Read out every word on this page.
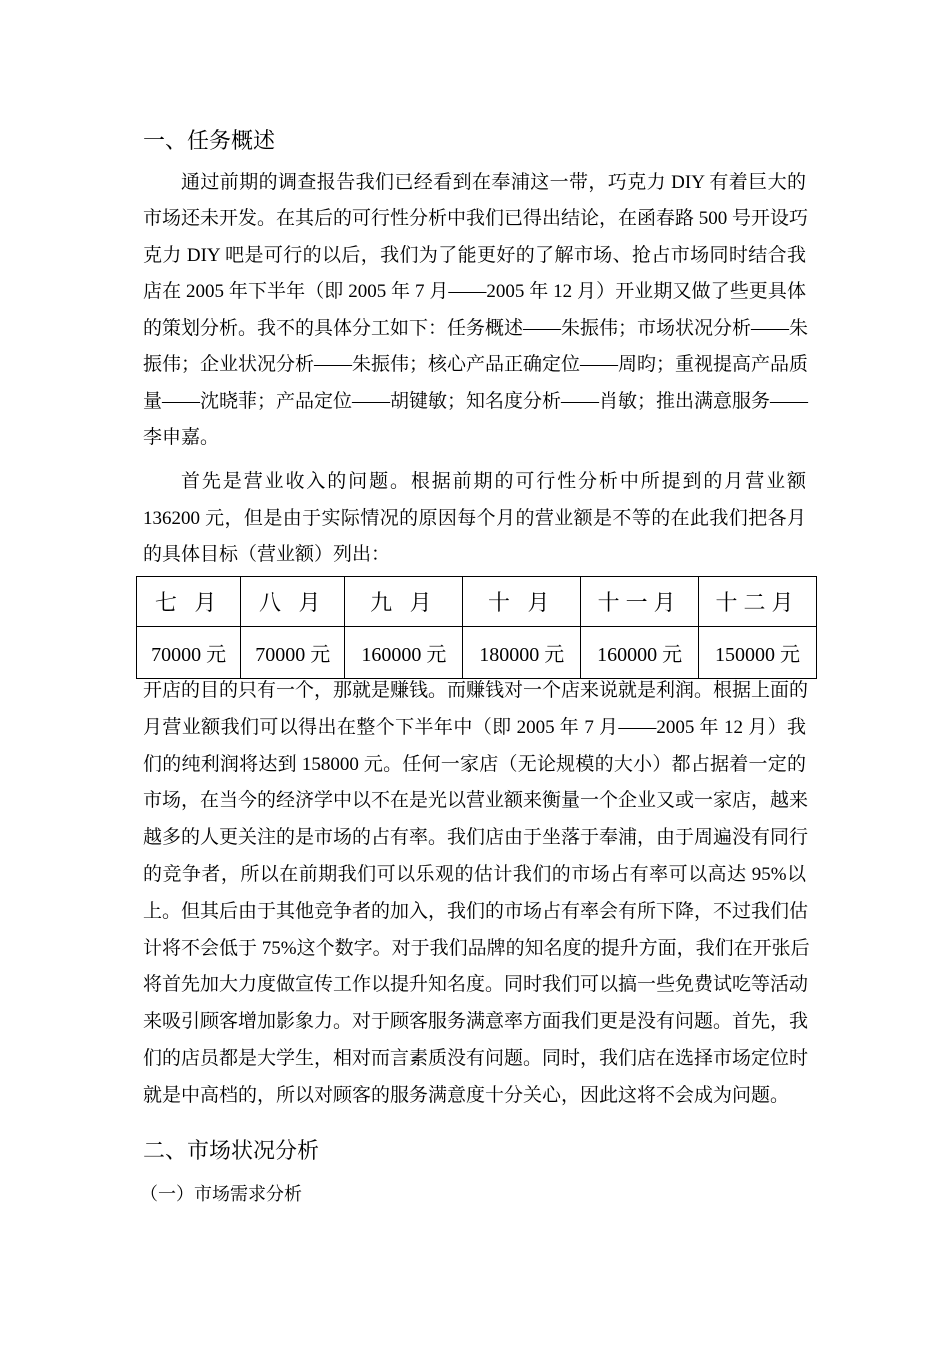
一、任务概述
通过前期的调查报告我们已经看到在奉浦这一带，巧克力 DIY 有着巨大的
市场还未开发。在其后的可行性分析中我们已得出结论，在函春路 500 号开设巧
克力 DIY 吧是可行的以后，我们为了能更好的了解市场、抢占市场同时结合我
店在 2005 年下半年（即 2005 年 7 月——2005 年 12 月）开业期又做了些更具体
的策划分析。我不的具体分工如下：任务概述——朱振伟；市场状况分析——朱
振伟；企业状况分析——朱振伟；核心产品正确定位——周昀；重视提高产品质
量——沈晓菲；产品定位——胡键敏；知名度分析——肖敏；推出满意服务——
李申嘉。
首先是营业收入的问题。根据前期的可行性分析中所提到的月营业额
136200 元，但是由于实际情况的原因每个月的营业额是不等的在此我们把各月
的具体目标（营业额）列出：
七 月	八 月	九 月	十 月	十一月	十二月
70000 元	70000 元	160000 元	180000 元	160000 元	150000 元
开店的目的只有一个，那就是赚钱。而赚钱对一个店来说就是利润。根据上面的
月营业额我们可以得出在整个下半年中（即 2005 年 7 月——2005 年 12 月）我
们的纯利润将达到 158000 元。任何一家店（无论规模的大小）都占据着一定的
市场，在当今的经济学中以不在是光以营业额来衡量一个企业又或一家店，越来
越多的人更关注的是市场的占有率。我们店由于坐落于奉浦，由于周遍没有同行
的竞争者，所以在前期我们可以乐观的估计我们的市场占有率可以高达 95%以
上。但其后由于其他竞争者的加入，我们的市场占有率会有所下降，不过我们估
计将不会低于 75%这个数字。对于我们品牌的知名度的提升方面，我们在开张后
将首先加大力度做宣传工作以提升知名度。同时我们可以搞一些免费试吃等活动
来吸引顾客增加影象力。对于顾客服务满意率方面我们更是没有问题。首先，我
们的店员都是大学生，相对而言素质没有问题。同时，我们店在选择市场定位时
就是中高档的，所以对顾客的服务满意度十分关心，因此这将不会成为问题。
二、市场状况分析
（一）市场需求分析
